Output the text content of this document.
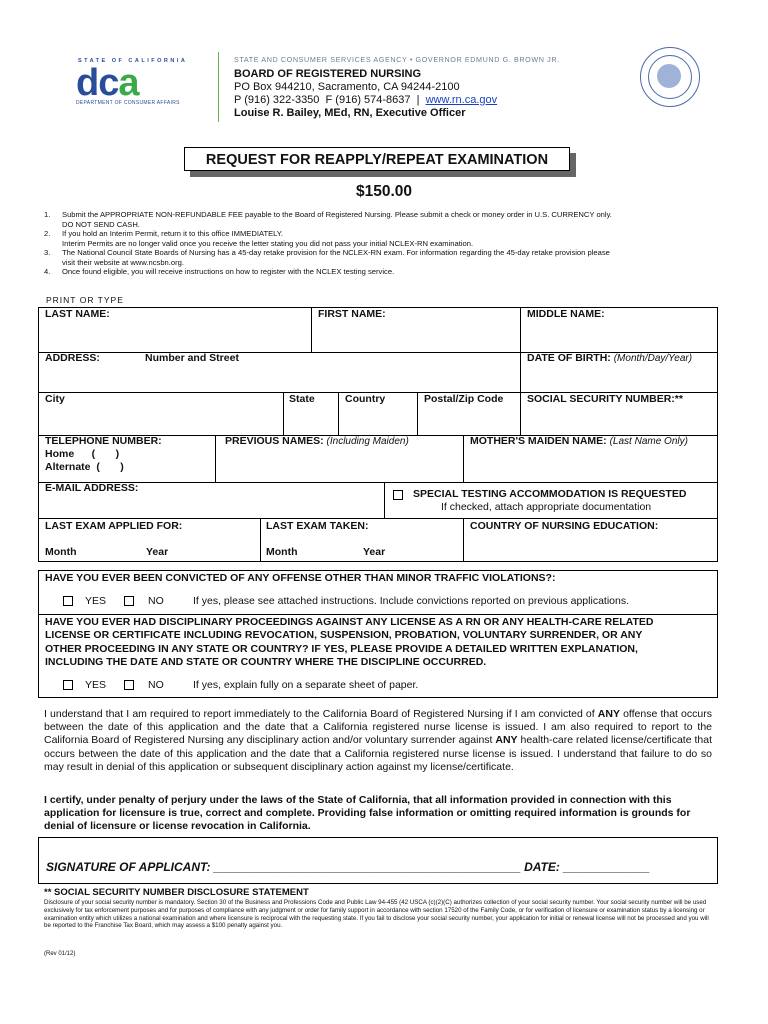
STATE OF CALIFORNIA
dca
DEPARTMENT OF CONSUMER AFFAIRS
STATE AND CONSUMER SERVICES AGENCY • GOVERNOR EDMUND G. BROWN JR.
BOARD OF REGISTERED NURSING
PO Box 944210, Sacramento, CA 94244-2100
P (916) 322-3350  F (916) 574-8637  |  www.rn.ca.gov
Louise R. Bailey, MEd, RN, Executive Officer
REQUEST FOR REAPPLY/REPEAT EXAMINATION
$150.00
1.	Submit the APPROPRIATE NON-REFUNDABLE FEE payable to the Board of Registered Nursing. Please submit a check or money order in U.S. CURRENCY only.
DO NOT SEND CASH.
2.	If you hold an Interim Permit, return it to this office IMMEDIATELY.
Interim Permits are no longer valid once you receive the letter stating you did not pass your initial NCLEX-RN examination.
3.	The National Council State Boards of Nursing has a 45-day retake provision for the NCLEX-RN exam. For information regarding the 45-day retake provision please
visit their website at www.ncsbn.org.
4.	Once found eligible, you will receive instructions on how to register with the NCLEX testing service.
PRINT OR TYPE
LAST NAME:	FIRST NAME:	MIDDLE NAME:
ADDRESS:	Number and Street	DATE OF BIRTH: (Month/Day/Year)
City	State	Country	Postal/Zip Code SOCIAL SECURITY NUMBER:**
TELEPHONE NUMBER:
Home      (       )
Alternate  (       )
PREVIOUS NAMES: (Including Maiden)	MOTHER'S MAIDEN NAME: (Last Name Only)
E-MAIL ADDRESS:	SPECIAL TESTING ACCOMMODATION IS REQUESTED
If checked, attach appropriate documentation
LAST EXAM APPLIED FOR:
Month	Year
LAST EXAM TAKEN:
Month	Year
COUNTRY OF NURSING EDUCATION:
HAVE YOU EVER BEEN CONVICTED OF ANY OFFENSE OTHER THAN MINOR TRAFFIC VIOLATIONS?:
YES	NO	If yes, please see attached instructions. Include convictions reported on previous applications.
HAVE YOU EVER HAD DISCIPLINARY PROCEEDINGS AGAINST ANY LICENSE AS A RN OR ANY HEALTH-CARE RELATED
LICENSE OR CERTIFICATE INCLUDING REVOCATION, SUSPENSION, PROBATION, VOLUNTARY SURRENDER, OR ANY
OTHER PROCEEDING IN ANY STATE OR COUNTRY? IF YES, PLEASE PROVIDE A DETAILED WRITTEN EXPLANATION,
INCLUDING THE DATE AND STATE OR COUNTRY WHERE THE DISCIPLINE OCCURRED.
YES	NO	If yes, explain fully on a separate sheet of paper.
I understand that I am required to report immediately to the California Board of Registered Nursing if I am convicted of ANY offense that occurs between the date of this application and the date that a California registered nurse license is issued. I am also required to report to the California Board of Registered Nursing any disciplinary action and/or voluntary surrender against ANY health-care related license/certificate that occurs between the date of this application and the date that a California registered nurse license is issued. I understand that failure to do so may result in denial of this application or subsequent disciplinary action against my license/certificate.
I certify, under penalty of perjury under the laws of the State of California, that all information provided in connection with this application for licensure is true, correct and complete. Providing false information or omitting required information is grounds for denial of licensure or license revocation in California.
SIGNATURE OF APPLICANT: ______________________________________________ DATE: _____________
** SOCIAL SECURITY NUMBER DISCLOSURE STATEMENT
Disclosure of your social security number is mandatory. Section 30 of the Business and Professions Code and Public Law 94-455 (42 USCA (c)(2)(C) authorizes collection of your social security number. Your social security number will be used exclusively for tax enforcement purposes and for purposes of compliance with any judgment or order for family support in accordance with section 17520 of the Family Code, or for verification of licensure or examination status by a licensing or examination entity which utilizes a national examination and where licensure is reciprocal with the requesting state. If you fail to disclose your social security number, your application for initial or renewal license will not be processed and you will be reported to the Franchise Tax Board, which may assess a $100 penalty against you.
(Rev 01/12)
